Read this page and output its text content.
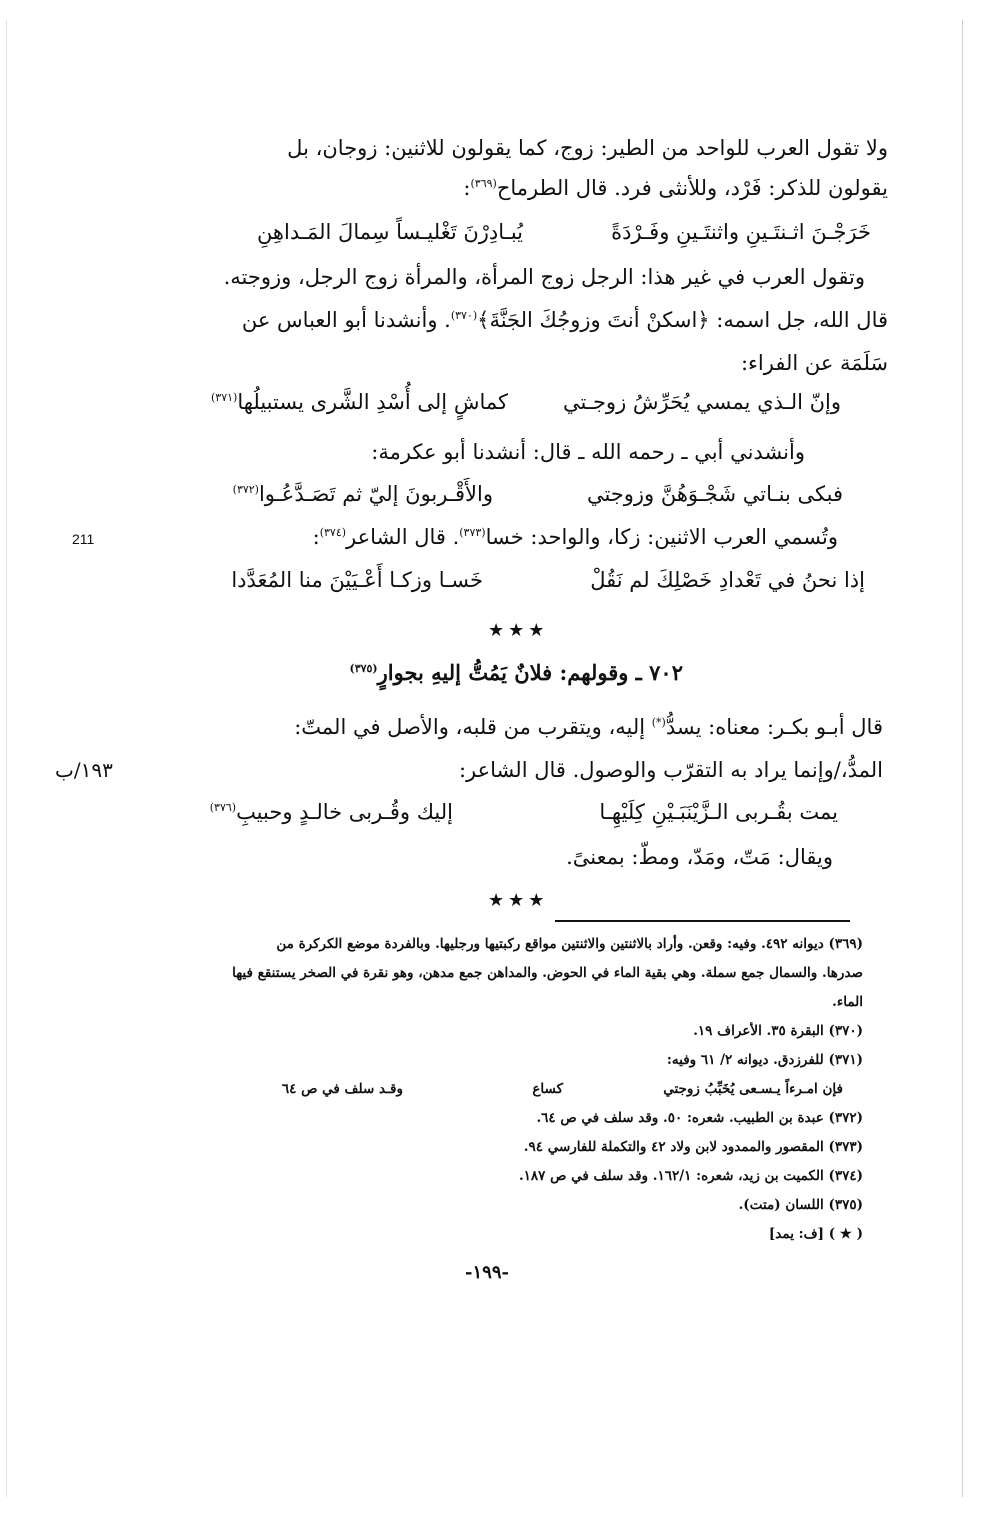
ولا تقول العرب للواحد من الطير: زوج، كما يقولون للاثنين: زوجان، بل
يقولون للذكر: فَرْد، وللأنثى فرد. قال الطرماح$^{(٣٦٩)}$:
خَرَجْـنَ اثـنتَـينِ واثنتَـينِ وفَـرْدَةً
يُبـادِرْنَ تَغْليـساً سِمالَ المَـداهِنِ
وتقول العرب في غير هذا: الرجل زوج المرأة، والمرأة زوج الرجل، وزوجته.
قال الله، جل اسمه: ﴿اسكنْ أنتَ وزوجُكَ الجَنَّةَ﴾$^{(٣٧٠)}$. وأنشدنا أبو العباس عن
سَلَمَة عن الفراء:
وإنّ الـذي يمسي يُحَرِّشُ زوجـتي
كماشٍ إلى أُسْدِ الشَّرى يستبيلُها$^{(٣٧١)}$
وأنشدني أبي ـ رحمه الله ـ قال: أنشدنا أبو عكرمة:
فبكى بنـاتي شَجْـوَهُنَّ وزوجتي
والأَقْـربونَ إليّ ثم تَصَـدَّعُـوا$^{(٣٧٢)}$
211	وتُسمي العرب الاثنين: زكا، والواحد: خسا$^{(٣٧٣)}$. قال الشاعر$^{(٣٧٤)}$:
إذا نحنُ في تَعْدادِ خَصْلِكَ لم نَقُلْ
خَسـا وزكـا أَعْـيَيْنَ منا المُعَدَّدا
★★★
٧٠٢ ـ وقولهم: فلانٌ يَمُتُّ إليهِ بجوارٍ$^{(٣٧٥)}$
قال أبـو بكـر: معناه: يسدُّ(*) إليه، ويتقرب من قلبه، والأصل في المتّ:
المدُّ،/وإنما يراد به التقرّب والوصول. قال الشاعر:
١٩٣/ب
يمت بقُـربى الـزَّيْنَبَـيْنِ كِلَيْهِـا
إليك وقُـربى خالـدٍ وحبيبِ$^{(٣٧٦)}$
ويقال: مَتّ، ومَدّ، ومطّ: بمعنىً.
★★★
(٣٦٩) ديوانه ٤٩٢. وفيه: وقعن. وأراد بالاثنتين والاثنتين مواقع ركبتيها ورجليها. وبالفردة موضع الكركرة من
صدرها. والسمال جمع سملة. وهي بقية الماء في الحوض. والمداهن جمع مدهن، وهو نقرة في الصخر يستنقع فيها
الماء.
(٣٧٠) البقرة ٣٥. الأعراف ١٩.
(٣٧١) للفرزدق. ديوانه ٢/ ٦١ وفيه:
فإن امـرءاً يـسـعى يُخَبِّبُ زوجتي
كساع
وقـد سلف في ص ٦٤
(٣٧٢) عبدة بن الطبيب. شعره: ٥٠. وقد سلف في ص ٦٤.
(٣٧٣) المقصور والممدود لابن ولاد ٤٢ والتكملة للفارسي ٩٤.
(٣٧٤) الكميت بن زيد، شعره: ١٦٢/١. وقد سلف في ص ١٨٧.
(٣٧٥) اللسان (متت).
( ★ ) [ف: يمد]
-١٩٩-
